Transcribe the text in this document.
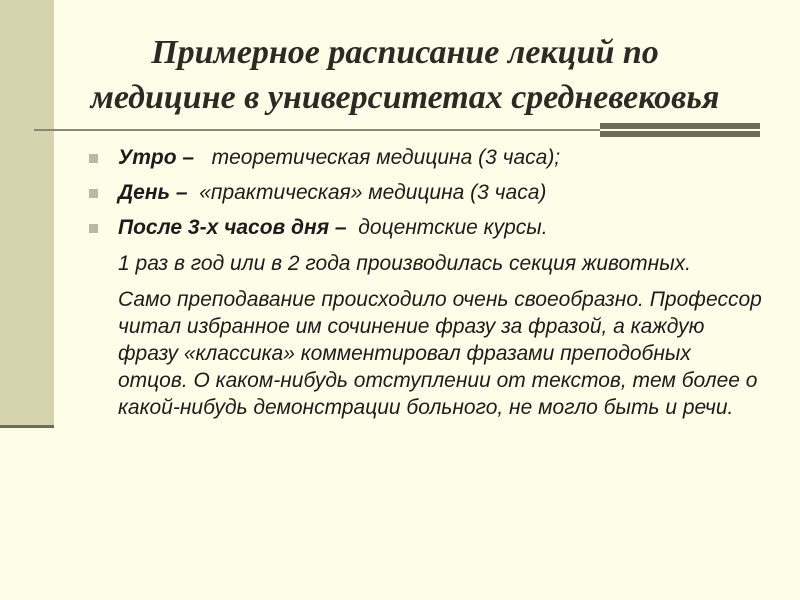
Примерное расписание лекций по
медицине в университетах средневековья
Утро – теоретическая медицина (3 часа);
День – «практическая» медицина (3 часа)
После 3-х часов дня – доцентские курсы.
1 раз в год или в 2 года производилась секция животных.
Само преподавание происходило очень своеобразно. Профессор читал избранное им сочинение фразу за фразой, а каждую фразу «классика» комментировал фразами преподобных отцов. О каком-нибудь отступлении от текстов, тем более о какой-нибудь демонстрации больного, не могло быть и речи.
